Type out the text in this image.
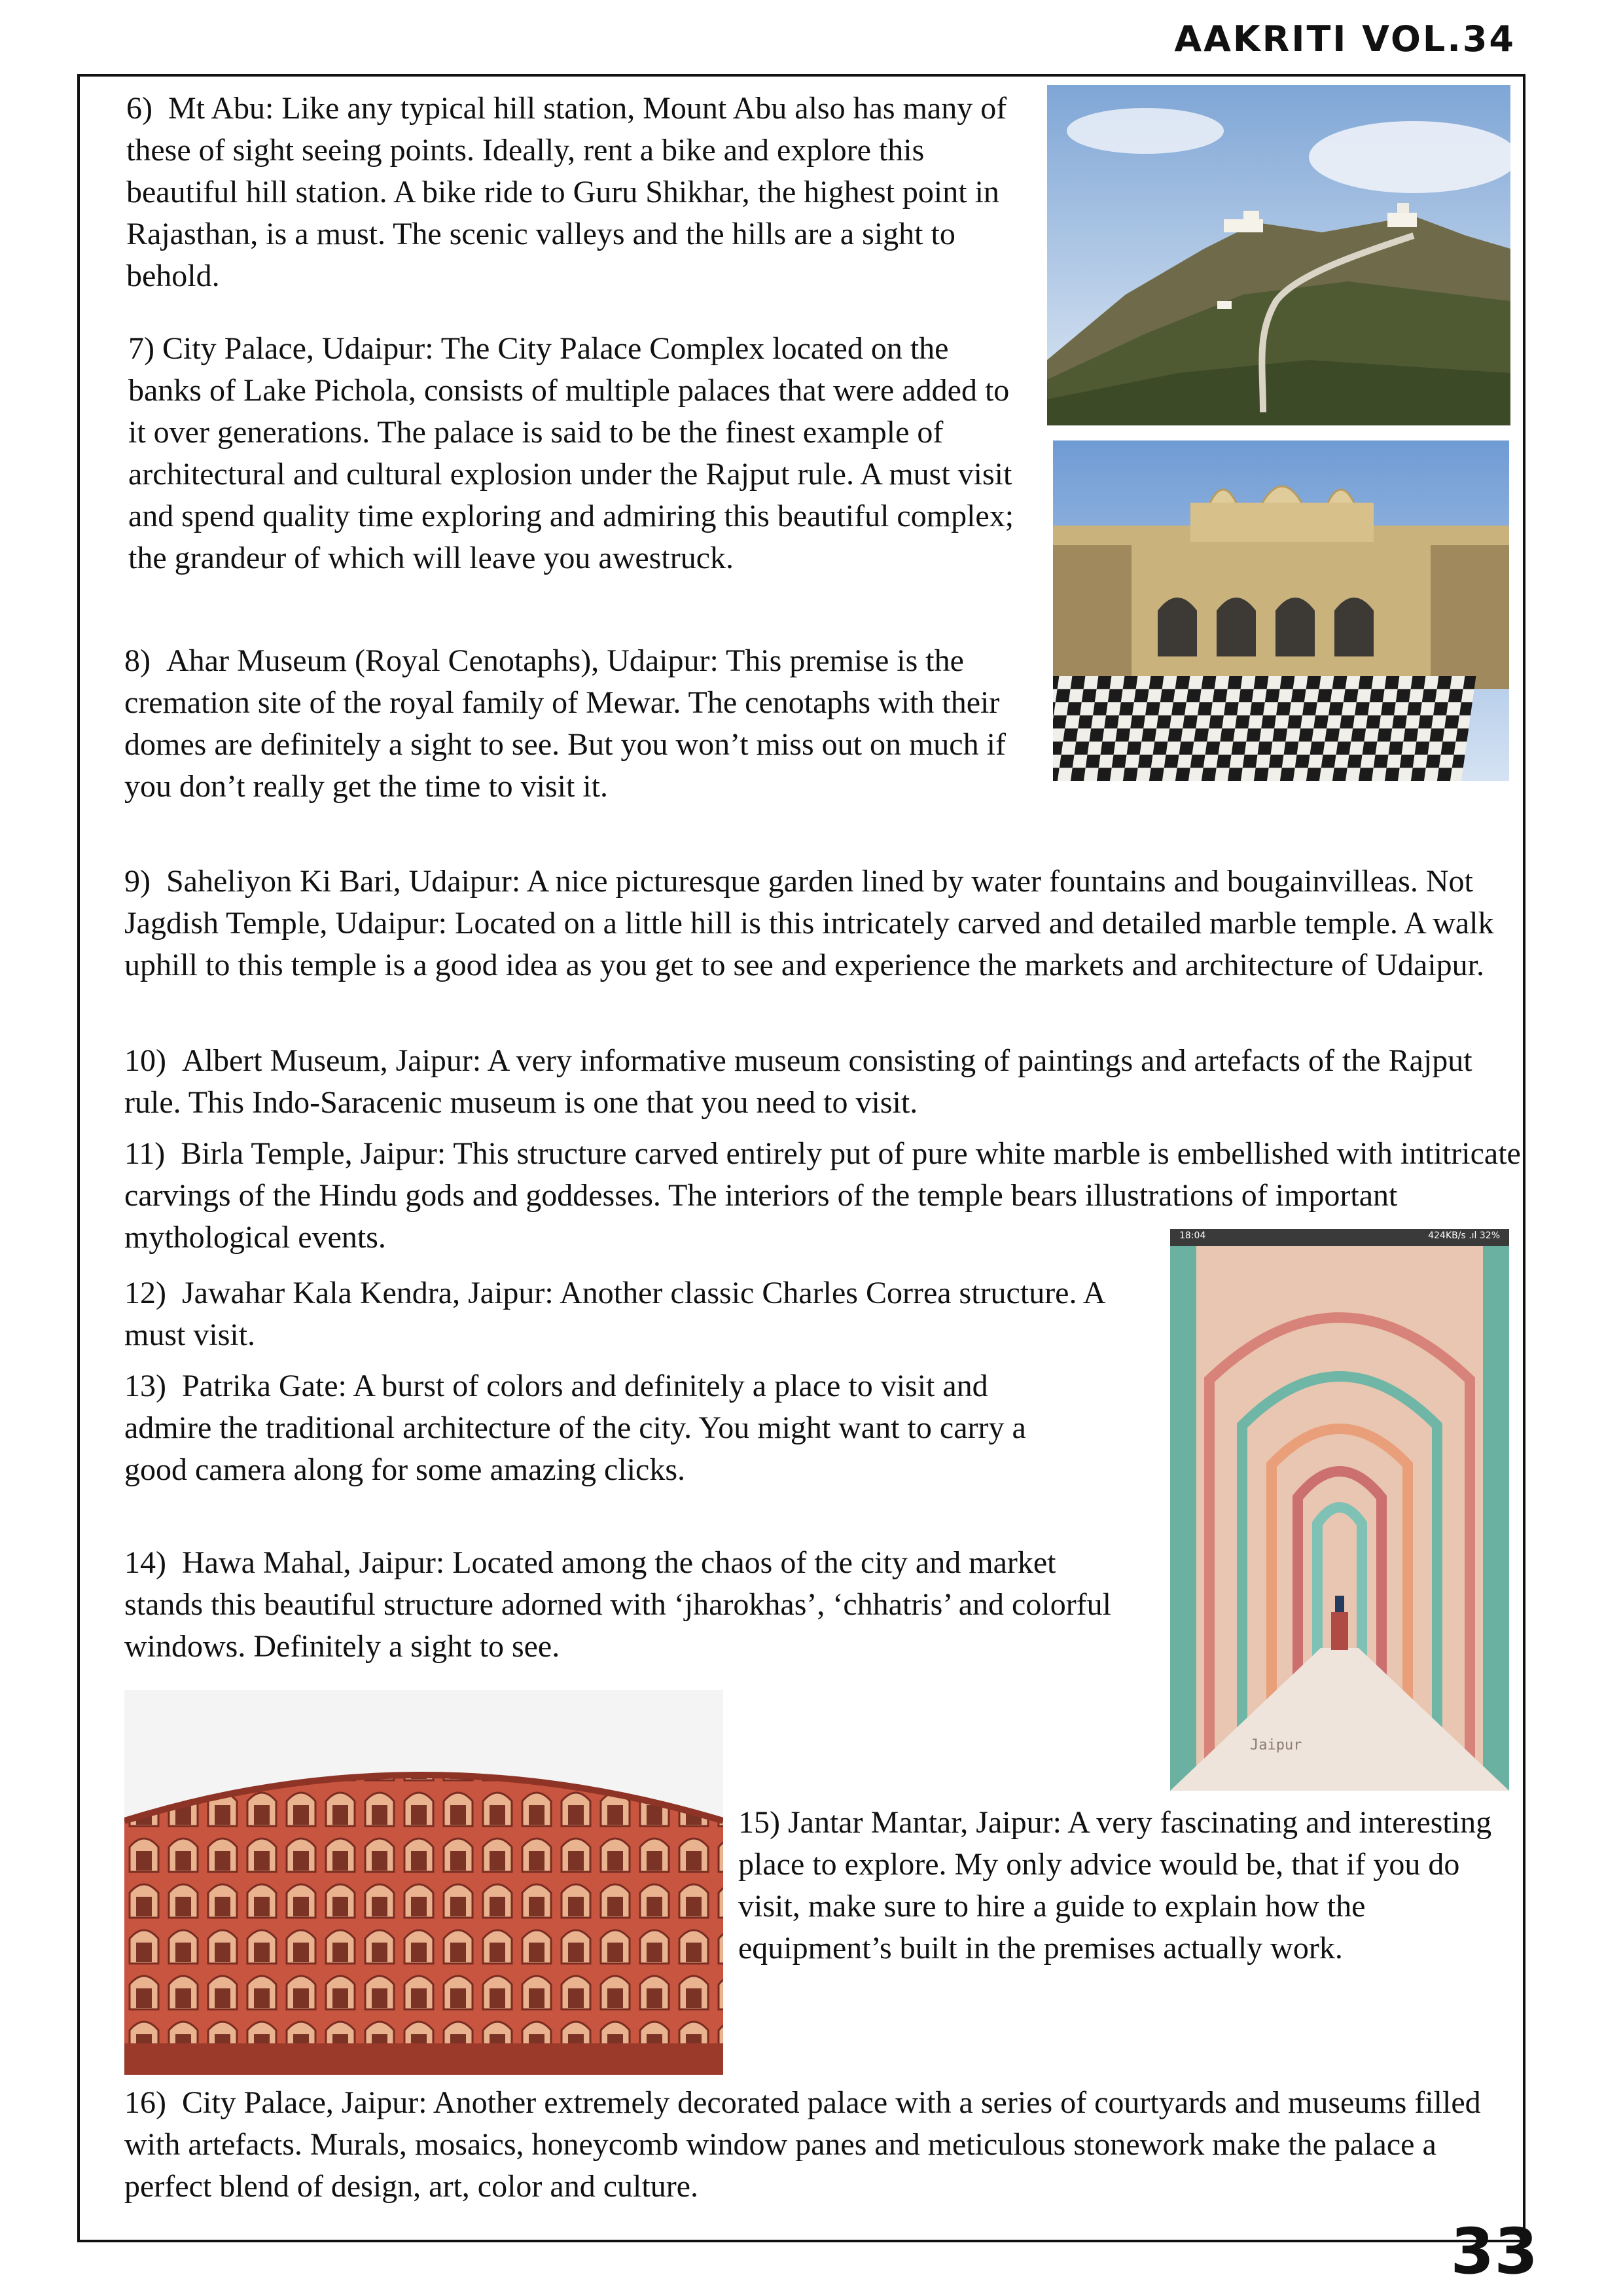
AAKRITI VOL.34

6) Mt Abu: Like any typical hill station, Mount Abu also has many of these of sight seeing points. Ideally, rent a bike and explore this beautiful hill station. A bike ride to Guru Shikhar, the highest point in Rajasthan, is a must. The scenic valleys and the hills are a sight to behold.

7) City Palace, Udaipur: The City Palace Complex located on the banks of Lake Pichola, consists of multiple palaces that were added to it over generations. The palace is said to be the finest example of architectural and cultural explosion under the Rajput rule. A must visit and spend quality time exploring and admiring this beautiful complex; the grandeur of which will leave you awestruck.

8) Ahar Museum (Royal Cenotaphs), Udaipur: This premise is the cremation site of the royal family of Mewar. The cenotaphs with their domes are definitely a sight to see. But you won’t miss out on much if you don’t really get the time to visit it.

9) Saheliyon Ki Bari, Udaipur: A nice picturesque garden lined by water fountains and bougainvilleas. Not Jagdish Temple, Udaipur: Located on a little hill is this intricately carved and detailed marble temple. A walk uphill to this temple is a good idea as you get to see and experience the markets and architecture of Udaipur.

10) Albert Museum, Jaipur: A very informative museum consisting of paintings and artefacts of the Rajput rule. This Indo-Saracenic museum is one that you need to visit.

11) Birla Temple, Jaipur: This structure carved entirely put of pure white marble is embellished with intitricate carvings of the Hindu gods and goddesses. The interiors of the temple bears illustrations of important mythological events.

12) Jawahar Kala Kendra, Jaipur: Another classic Charles Correa structure. A must visit.

13) Patrika Gate: A burst of colors and definitely a place to visit and admire the traditional architecture of the city. You might want to carry a good camera along for some amazing clicks.

14) Hawa Mahal, Jaipur: Located among the chaos of the city and market stands this beautiful structure adorned with ‘jharokhas’, ‘chhatris’ and colorful windows. Definitely a sight to see.

15) Jantar Mantar, Jaipur: A very fascinating and interesting place to explore. My only advice would be, that if you do visit, make sure to hire a guide to explain how the equipment’s built in the premises actually work.

16) City Palace, Jaipur: Another extremely decorated palace with a series of courtyards and museums filled with artefacts. Murals, mosaics, honeycomb window panes and meticulous stonework make the palace a perfect blend of design, art, color and culture.

18:04	424KB/s .ıl 32%
Jaipur
33
